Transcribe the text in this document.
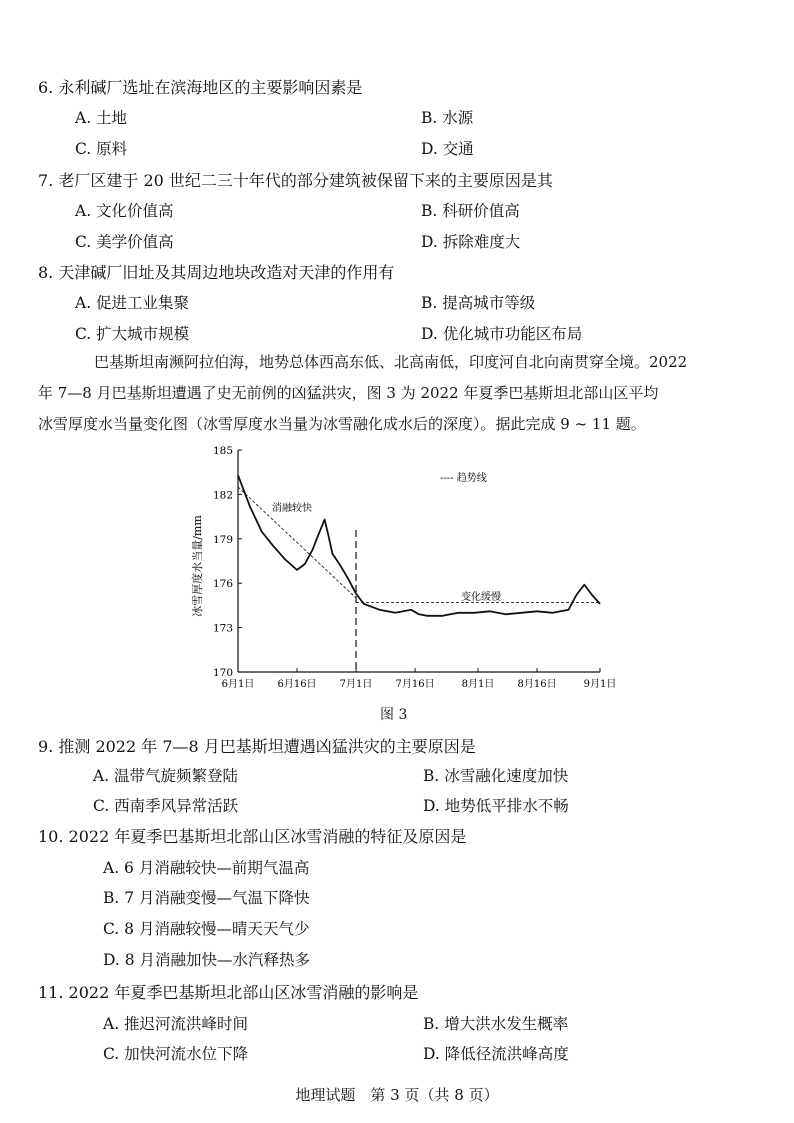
6. 永利碱厂选址在滨海地区的主要影响因素是
A. 土地	B. 水源
C. 原料	D. 交通
7. 老厂区建于 20 世纪二三十年代的部分建筑被保留下来的主要原因是其
A. 文化价值高	B. 科研价值高
C. 美学价值高	D. 拆除难度大
8. 天津碱厂旧址及其周边地块改造对天津的作用有
A. 促进工业集聚	B. 提高城市等级
C. 扩大城市规模	D. 优化城市功能区布局
巴基斯坦南濒阿拉伯海，地势总体西高东低、北高南低，印度河自北向南贯穿全境。2022
年 7—8 月巴基斯坦遭遇了史无前例的凶猛洪灾，图 3 为 2022 年夏季巴基斯坦北部山区平均
冰雪厚度水当量变化图（冰雪厚度水当量为冰雪融化成水后的深度）。据此完成 9 ~ 11 题。
冰雪厚度水当量/mm
170
173
176
179
182
185
6月1日 6月16日 7月1日 7月16日	8月1日 8月16日	9月1日
---- 趋势线
消融较快
变化缓慢
图 3
9. 推测 2022 年 7—8 月巴基斯坦遭遇凶猛洪灾的主要原因是
A. 温带气旋频繁登陆	B. 冰雪融化速度加快
C. 西南季风异常活跃	D. 地势低平排水不畅
10. 2022 年夏季巴基斯坦北部山区冰雪消融的特征及原因是
A. 6 月消融较快—前期气温高
B. 7 月消融变慢—气温下降快
C. 8 月消融较慢—晴天天气少
D. 8 月消融加快—水汽释热多
11. 2022 年夏季巴基斯坦北部山区冰雪消融的影响是
A. 推迟河流洪峰时间	B. 增大洪水发生概率
C. 加快河流水位下降	D. 降低径流洪峰高度
地理试题　第 3 页（共 8 页）
